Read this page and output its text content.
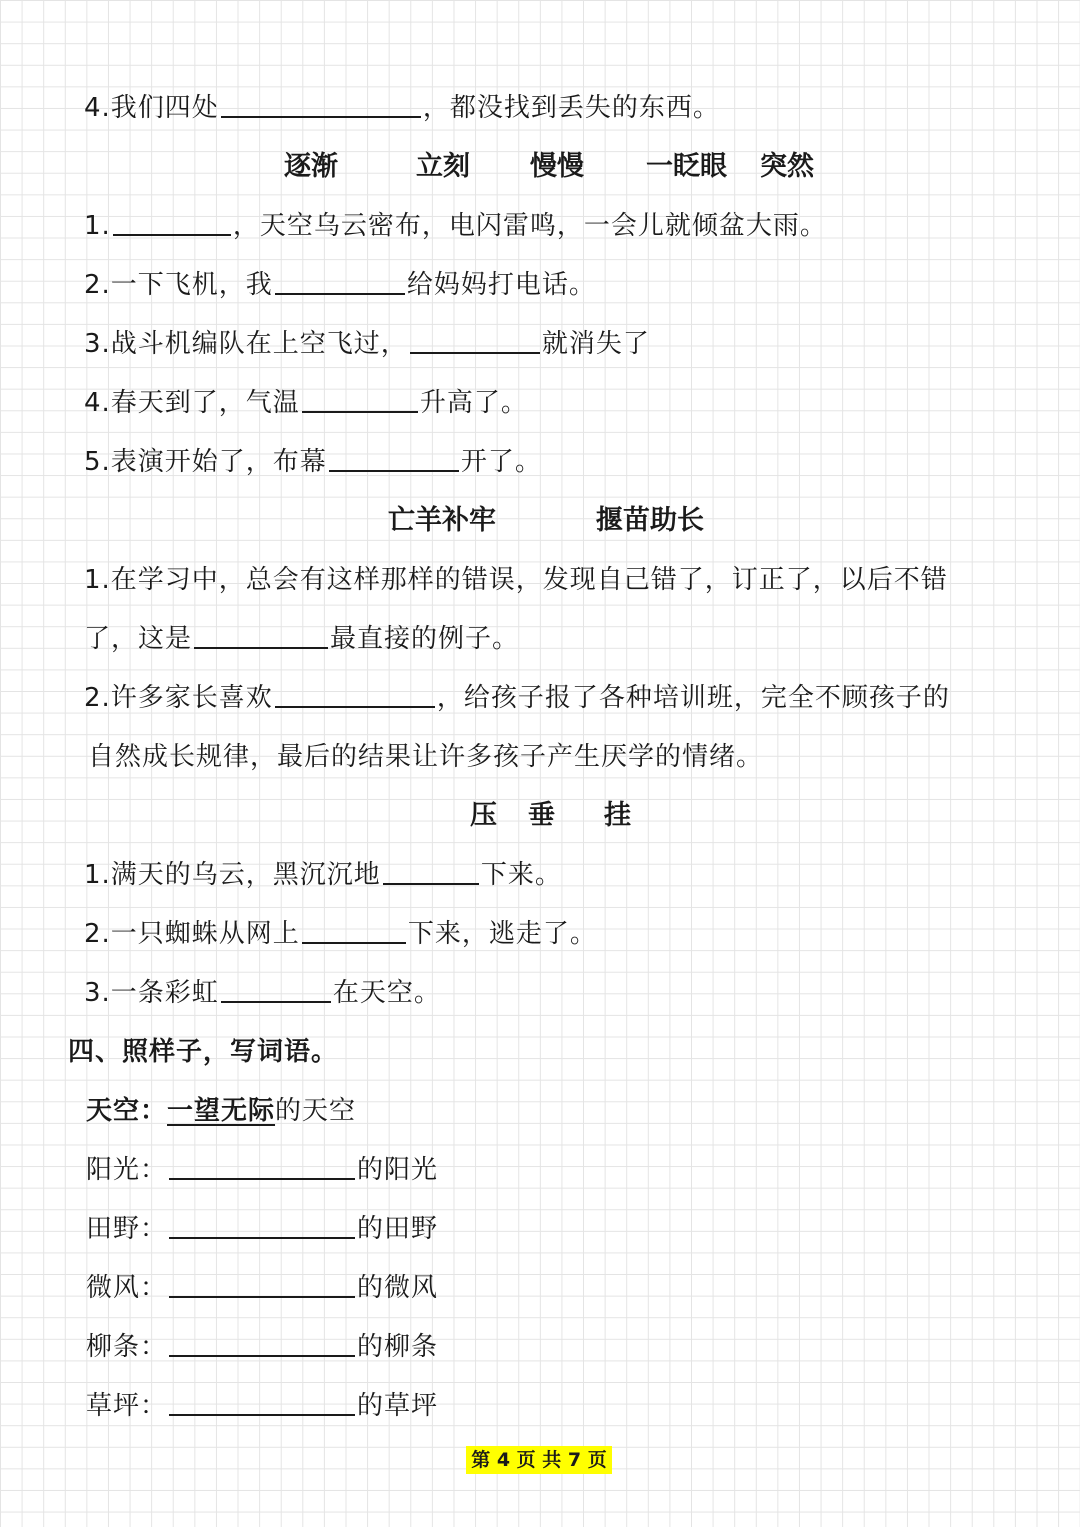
4.我们四处	，都没找到丢失的东西。
逐渐	立刻 慢慢 一眨眼 突然
1.	，天空乌云密布，电闪雷鸣，一会儿就倾盆大雨。
2.一下飞机，我	给妈妈打电话。
3.战斗机编队在上空飞过，	就消失了
4.春天到了，气温	升高了。
5.表演开始了，布幕	开了。
亡羊补牢	揠苗助长
1.在学习中，总会有这样那样的错误，发现自己错了，订正了，以后不错
了，这是	最直接的例子。
2.许多家长喜欢	，给孩子报了各种培训班，完全不顾孩子的
自然成长规律，最后的结果让许多孩子产生厌学的情绪。
压 垂 挂
1.满天的乌云，黑沉沉地	下来。
2.一只蜘蛛从网上	下来，逃走了。
3.一条彩虹	在天空。
四、照样子，写词语。
天空：一望无际的天空
阳光：	的阳光
田野：	的田野
微风：	的微风
柳条：	的柳条
草坪：	的草坪
第 4 页 共 7 页
